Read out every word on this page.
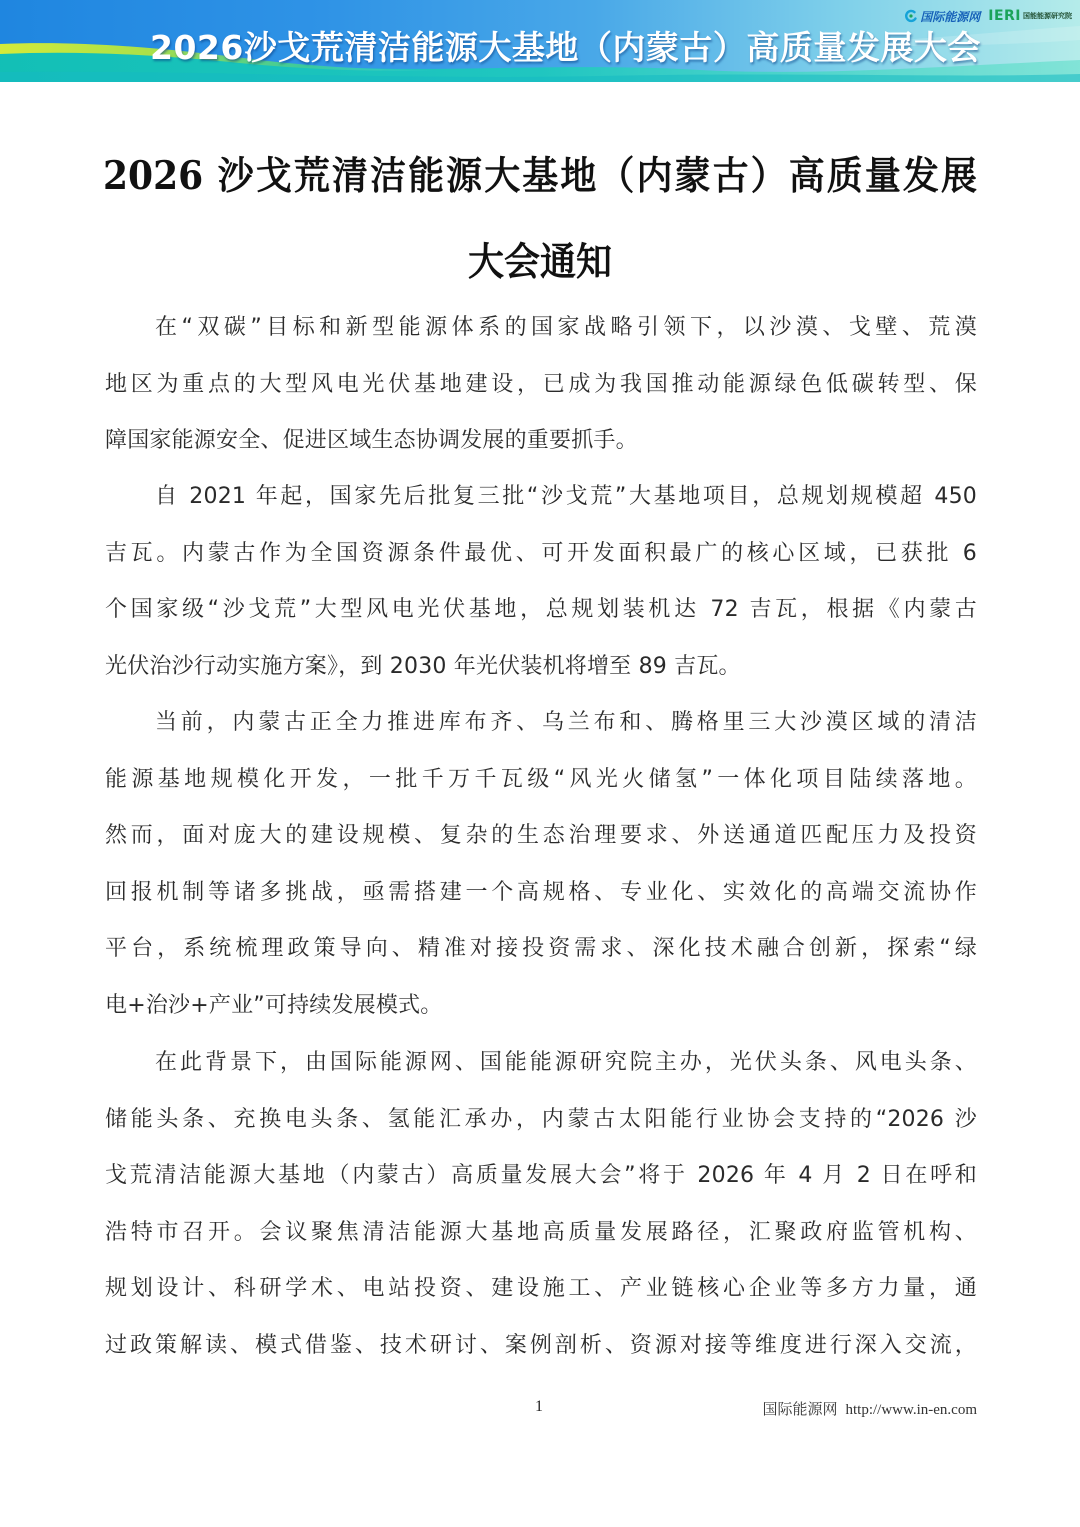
2026沙戈荒清洁能源大基地（内蒙古）高质量发展大会
国际能源网 IERI 国能能源研究院
2026 沙戈荒清洁能源大基地（内蒙古）高质量发展
大会通知
在“双碳”目标和新型能源体系的国家战略引领下，以沙漠、戈壁、荒漠
地区为重点的大型风电光伏基地建设，已成为我国推动能源绿色低碳转型、保
障国家能源安全、促进区域生态协调发展的重要抓手。
自 2021 年起，国家先后批复三批“沙戈荒”大基地项目，总规划规模超 450
吉瓦。内蒙古作为全国资源条件最优、可开发面积最广的核心区域，已获批 6
个国家级“沙戈荒”大型风电光伏基地，总规划装机达 72 吉瓦，根据《内蒙古
光伏治沙行动实施方案》，到 2030 年光伏装机将增至 89 吉瓦。
当前，内蒙古正全力推进库布齐、乌兰布和、腾格里三大沙漠区域的清洁
能源基地规模化开发，一批千万千瓦级“风光火储氢”一体化项目陆续落地。
然而，面对庞大的建设规模、复杂的生态治理要求、外送通道匹配压力及投资
回报机制等诸多挑战，亟需搭建一个高规格、专业化、实效化的高端交流协作
平台，系统梳理政策导向、精准对接投资需求、深化技术融合创新，探索“绿
电+治沙+产业”可持续发展模式。
在此背景下，由国际能源网、国能能源研究院主办，光伏头条、风电头条、
储能头条、充换电头条、氢能汇承办，内蒙古太阳能行业协会支持的“2026 沙
戈荒清洁能源大基地（内蒙古）高质量发展大会”将于 2026 年 4 月 2 日在呼和
浩特市召开。会议聚焦清洁能源大基地高质量发展路径，汇聚政府监管机构、
规划设计、科研学术、电站投资、建设施工、产业链核心企业等多方力量，通
过政策解读、模式借鉴、技术研讨、案例剖析、资源对接等维度进行深入交流，
1	国际能源网 http://www.in-en.com
